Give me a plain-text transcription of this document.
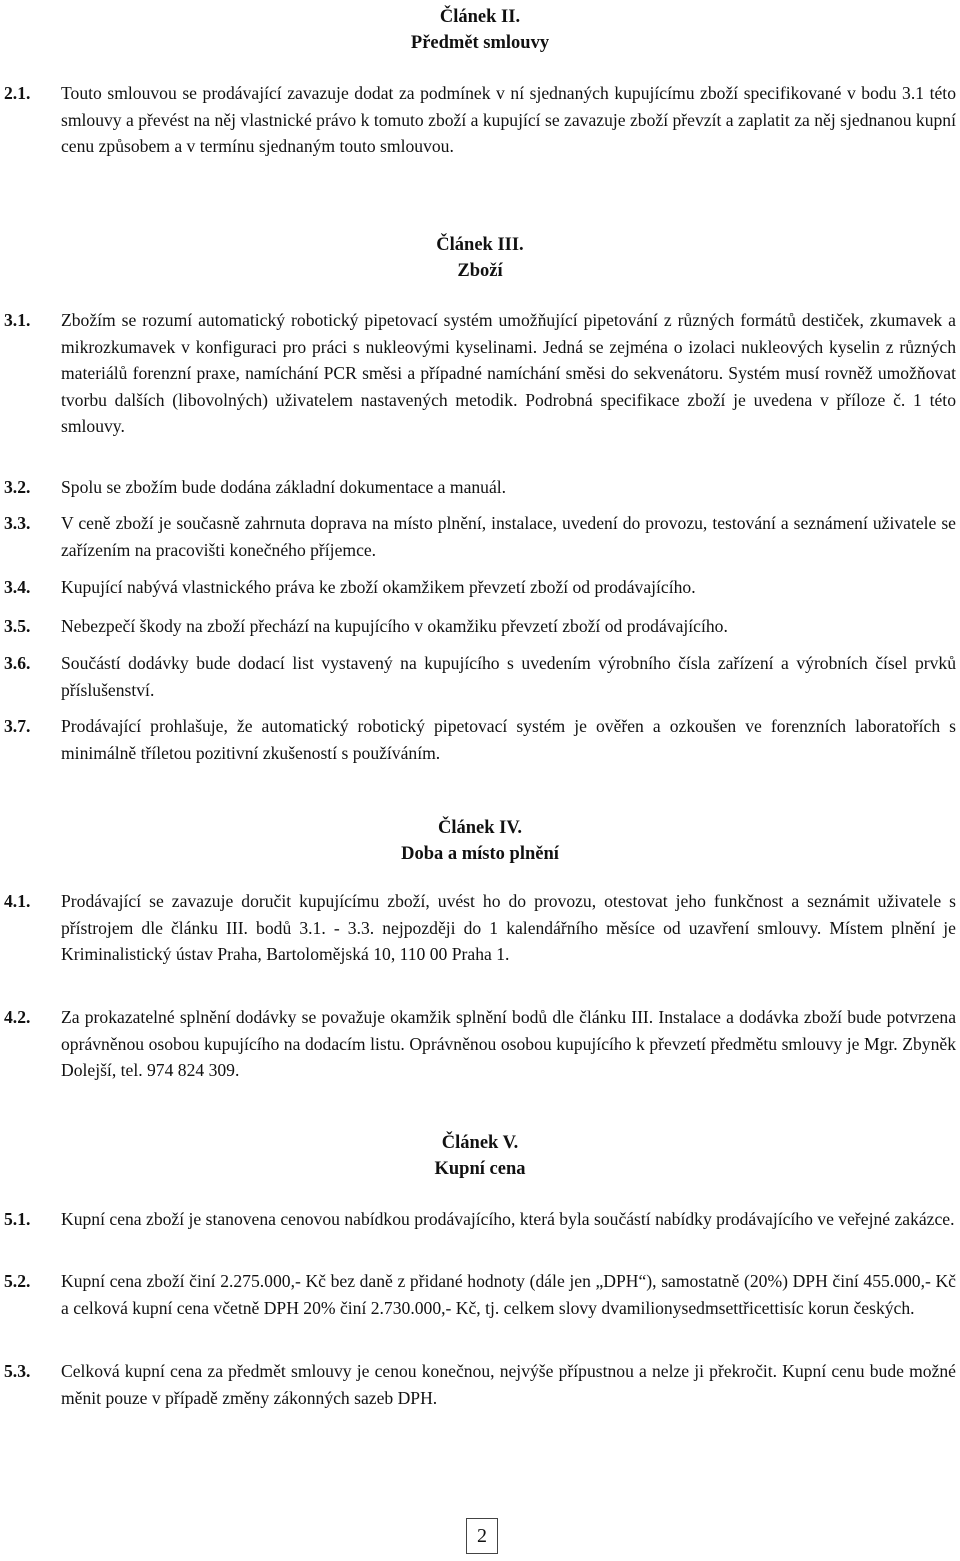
Článek II.
Předmět smlouvy
2.1.	Touto smlouvou se prodávající zavazuje dodat za podmínek v ní sjednaných kupujícímu zboží specifikované v bodu 3.1 této smlouvy a převést na něj vlastnické právo k tomuto zboží a kupující se zavazuje zboží převzít a zaplatit za něj sjednanou kupní cenu způsobem a v termínu sjednaným touto smlouvou.
Článek III.
Zboží
3.1.	Zbožím se rozumí automatický robotický pipetovací systém umožňující pipetování z různých formátů destiček, zkumavek a mikrozkumavek v konfiguraci pro práci s nukleovými kyselinami. Jedná se zejména o izolaci nukleových kyselin z různých materiálů forenzní praxe, namíchání PCR směsi a případné namíchání směsi do sekvenátoru. Systém musí rovněž umožňovat tvorbu dalších (libovolných) uživatelem nastavených metodik. Podrobná specifikace zboží je uvedena v příloze č. 1 této smlouvy.
3.2.	Spolu se zbožím bude dodána základní dokumentace a manuál.
3.3.	V ceně zboží je současně zahrnuta doprava na místo plnění, instalace, uvedení do provozu, testování a seznámení uživatele se zařízením na pracovišti konečného příjemce.
3.4.	Kupující nabývá vlastnického práva ke zboží okamžikem převzetí zboží od prodávajícího.
3.5.	Nebezpečí škody na zboží přechází na kupujícího v okamžiku převzetí zboží od prodávajícího.
3.6.	Součástí dodávky bude dodací list vystavený na kupujícího s uvedením výrobního čísla zařízení a výrobních čísel prvků příslušenství.
3.7.	Prodávající prohlašuje, že automatický robotický pipetovací systém je ověřen a ozkoušen ve forenzních laboratořích s minimálně tříletou pozitivní zkušeností s používáním.
Článek IV.
Doba a místo plnění
4.1.	Prodávající se zavazuje doručit kupujícímu zboží, uvést ho do provozu, otestovat jeho funkčnost a seznámit uživatele s přístrojem dle článku III. bodů 3.1. - 3.3. nejpozději do 1 kalendářního měsíce od uzavření smlouvy. Místem plnění je Kriminalistický ústav Praha, Bartolomějská 10, 110 00 Praha 1.
4.2.	Za prokazatelné splnění dodávky se považuje okamžik splnění bodů dle článku III. Instalace a dodávka zboží bude potvrzena oprávněnou osobou kupujícího na dodacím listu. Oprávněnou osobou kupujícího k převzetí předmětu smlouvy je Mgr. Zbyněk Dolejší, tel. 974 824 309.
Článek V.
Kupní cena
5.1.	Kupní cena zboží je stanovena cenovou nabídkou prodávajícího, která byla součástí nabídky prodávajícího ve veřejné zakázce.
5.2.	Kupní cena zboží činí 2.275.000,- Kč bez daně z přidané hodnoty (dále jen „DPH“), samostatně (20%) DPH činí 455.000,- Kč a celková kupní cena včetně DPH 20% činí 2.730.000,- Kč, tj. celkem slovy dvamilionysedmsettřicettisíc korun českých.
5.3.	Celková kupní cena za předmět smlouvy je cenou konečnou, nejvýše přípustnou a nelze ji překročit. Kupní cenu bude možné měnit pouze v případě změny zákonných sazeb DPH.
2
